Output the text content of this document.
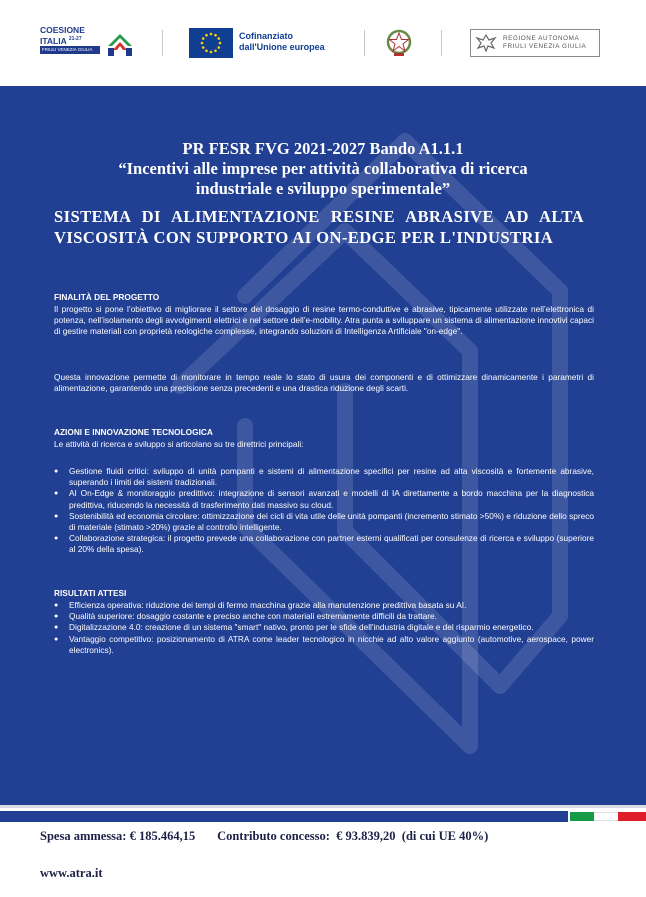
COESIONE
ITALIA $^{21-27}$
FRIULI VENEZIA GIULIA
Cofinanziato
dall'Unione europea
REGIONE AUTONOMA
FRIULI VENEZIA GIULIA
PR FESR FVG 2021-2027 Bando A1.1.1
“Incentivi alle imprese per attività collaborativa di ricerca
industriale e sviluppo sperimentale”
SISTEMA DI ALIMENTAZIONE RESINE ABRASIVE AD ALTA VISCOSITÀ CON SUPPORTO AI ON-EDGE PER L'INDUSTRIA
FINALITÀ DEL PROGETTO
Il progetto si pone l’obiettivo di migliorare il settore del dosaggio di resine termo-conduttive e abrasive, tipicamente utilizzate nell’elettronica di potenza, nell’isolamento degli avvolgimenti elettrici e nel settore dell’e-mobility. Atra punta a sviluppare un sistema di alimentazione innovtivi capaci di gestire materiali con proprietà reologiche complesse, integrando soluzioni di Intelligenza Artificiale "on-edge".
Questa innovazione permette di monitorare in tempo reale lo stato di usura dei componenti e di ottimizzare dinamicamente i parametri di alimentazione, garantendo una precisione senza precedenti e una drastica riduzione degli scarti.
AZIONI E INNOVAZIONE TECNOLOGICA
Le attività di ricerca e sviluppo si articolano su tre direttrici principali:
● Gestione fluidi critici: sviluppo di unità pompanti e sistemi di alimentazione specifici per resine ad alta viscosità e fortemente abrasive, superando i limiti dei sistemi tradizionali.
● AI On-Edge & monitoraggio predittivo: integrazione di sensori avanzati e modelli di IA direttamente a bordo macchina per la diagnostica predittiva, riducendo la necessità di trasferimento dati massivo su cloud.
● Sostenibilità ed economia circolare: ottimizzazione dei cicli di vita utile delle unità pompanti (incremento stimato >50%) e riduzione dello spreco di materiale (stimato >20%) grazie al controllo intelligente.
● Collaborazione strategica: il progetto prevede una collaborazione con partner esterni qualificati per consulenze di ricerca e sviluppo (superiore al 20% della spesa).
RISULTATI ATTESI
● Efficienza operativa: riduzione dei tempi di fermo macchina grazie alla manutenzione predittiva basata su AI.
● Qualità superiore: dosaggio costante e preciso anche con materiali estremamente difficili da trattare.
● Digitalizzazione 4.0: creazione di un sistema "smart" nativo, pronto per le sfide dell'industria digitale e del risparmio energetico.
● Vantaggio competitivo: posizionamento di ATRA come leader tecnologico in nicchie ad alto valore aggiunto (automotive, aerospace, power electronics).
Spesa ammessa: € 185.464,15       Contributo concesso:  € 93.839,20  (di cui UE 40%)
www.atra.it
